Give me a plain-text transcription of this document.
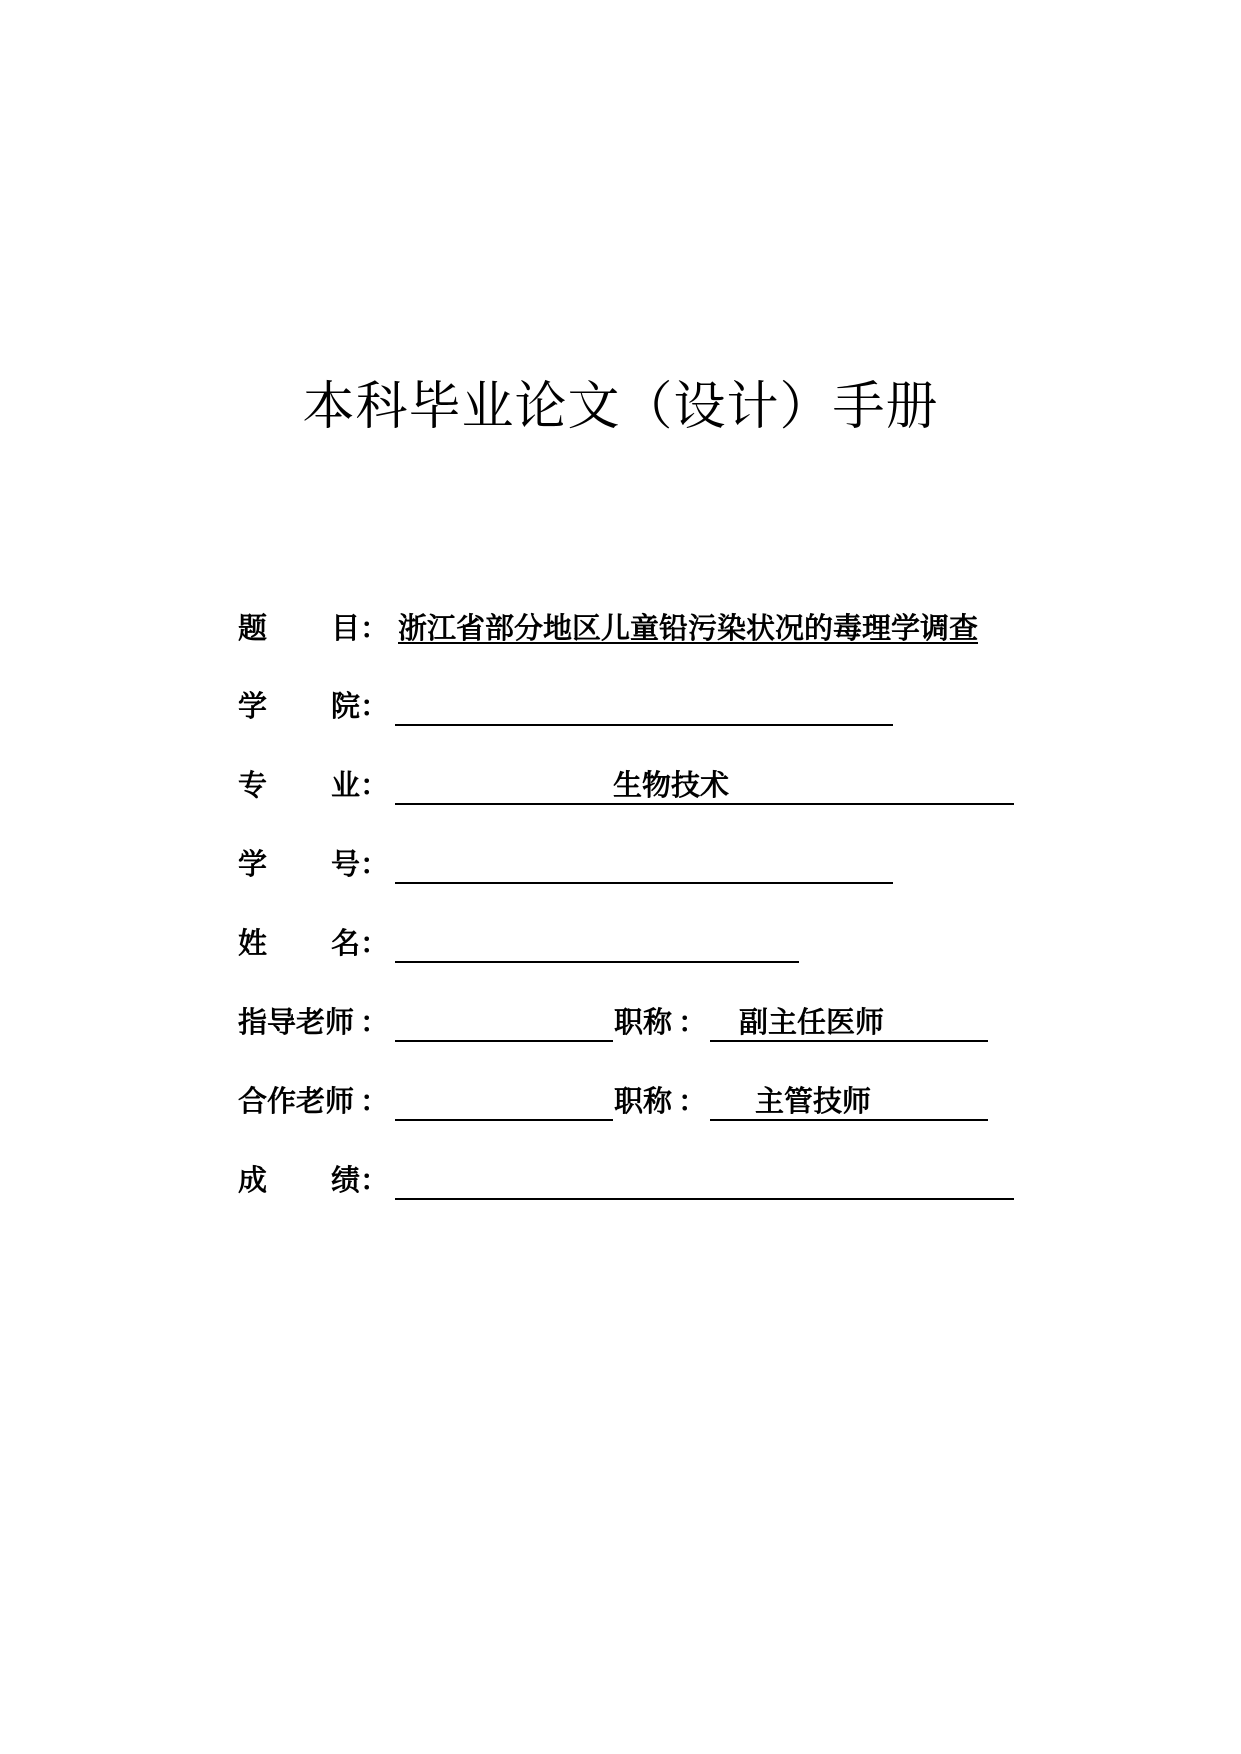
本科毕业论文（设计）手册
题 目 ： 浙江省部分地区儿童铅污染状况的毒理学调查
学 院 ：
专 业 ：	生物技术
学 号 ：
姓 名 ：
指导老师 ：	职称 ： 副主任医师
合作老师 ：	职称 ： 主管技师
成 绩 ：
